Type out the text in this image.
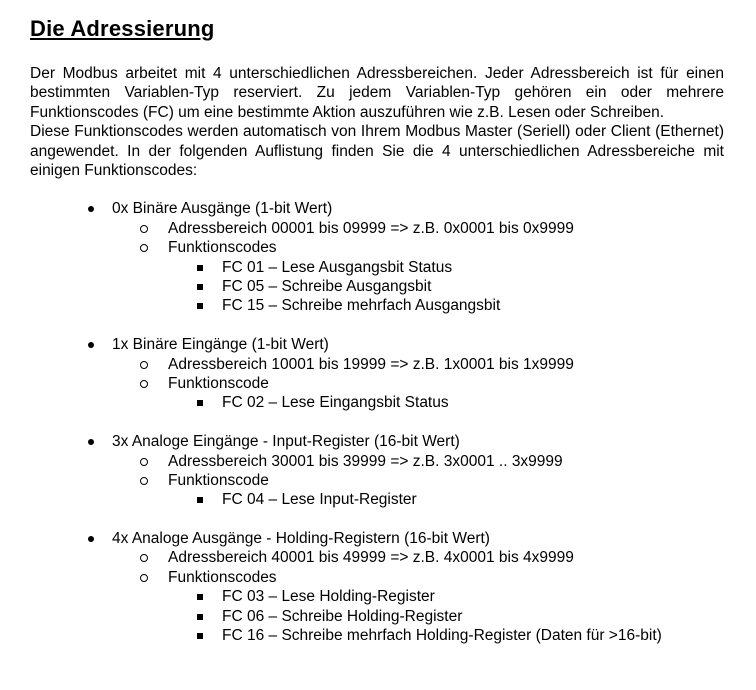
Die Adressierung

Der Modbus arbeitet mit 4 unterschiedlichen Adressbereichen. Jeder Adressbereich ist für einen bestimmten Variablen-Typ reserviert. Zu jedem Variablen-Typ gehören ein oder mehrere Funktionscodes (FC) um eine bestimmte Aktion auszuführen wie z.B. Lesen oder Schreiben.

Diese Funktionscodes werden automatisch von Ihrem Modbus Master (Seriell) oder Client (Ethernet) angewendet. In der folgenden Auflistung finden Sie die 4 unterschiedlichen Adressbereiche mit einigen Funktionscodes:

0x Binäre Ausgänge (1-bit Wert)
Adressbereich 00001 bis 09999 => z.B. 0x0001 bis 0x9999
Funktionscodes
FC 01 – Lese Ausgangsbit Status
FC 05 – Schreibe Ausgangsbit
FC 15 – Schreibe mehrfach Ausgangsbit
1x Binäre Eingänge (1-bit Wert)
Adressbereich 10001 bis 19999 => z.B. 1x0001 bis 1x9999
Funktionscode
FC 02 – Lese Eingangsbit Status
3x Analoge Eingänge - Input-Register (16-bit Wert)
Adressbereich 30001 bis 39999 => z.B. 3x0001 .. 3x9999
Funktionscode
FC 04 – Lese Input-Register
4x Analoge Ausgänge - Holding-Registern (16-bit Wert)
Adressbereich 40001 bis 49999 => z.B. 4x0001 bis 4x9999
Funktionscodes
FC 03 – Lese Holding-Register
FC 06 – Schreibe Holding-Register
FC 16 – Schreibe mehrfach Holding-Register (Daten für >16-bit)
